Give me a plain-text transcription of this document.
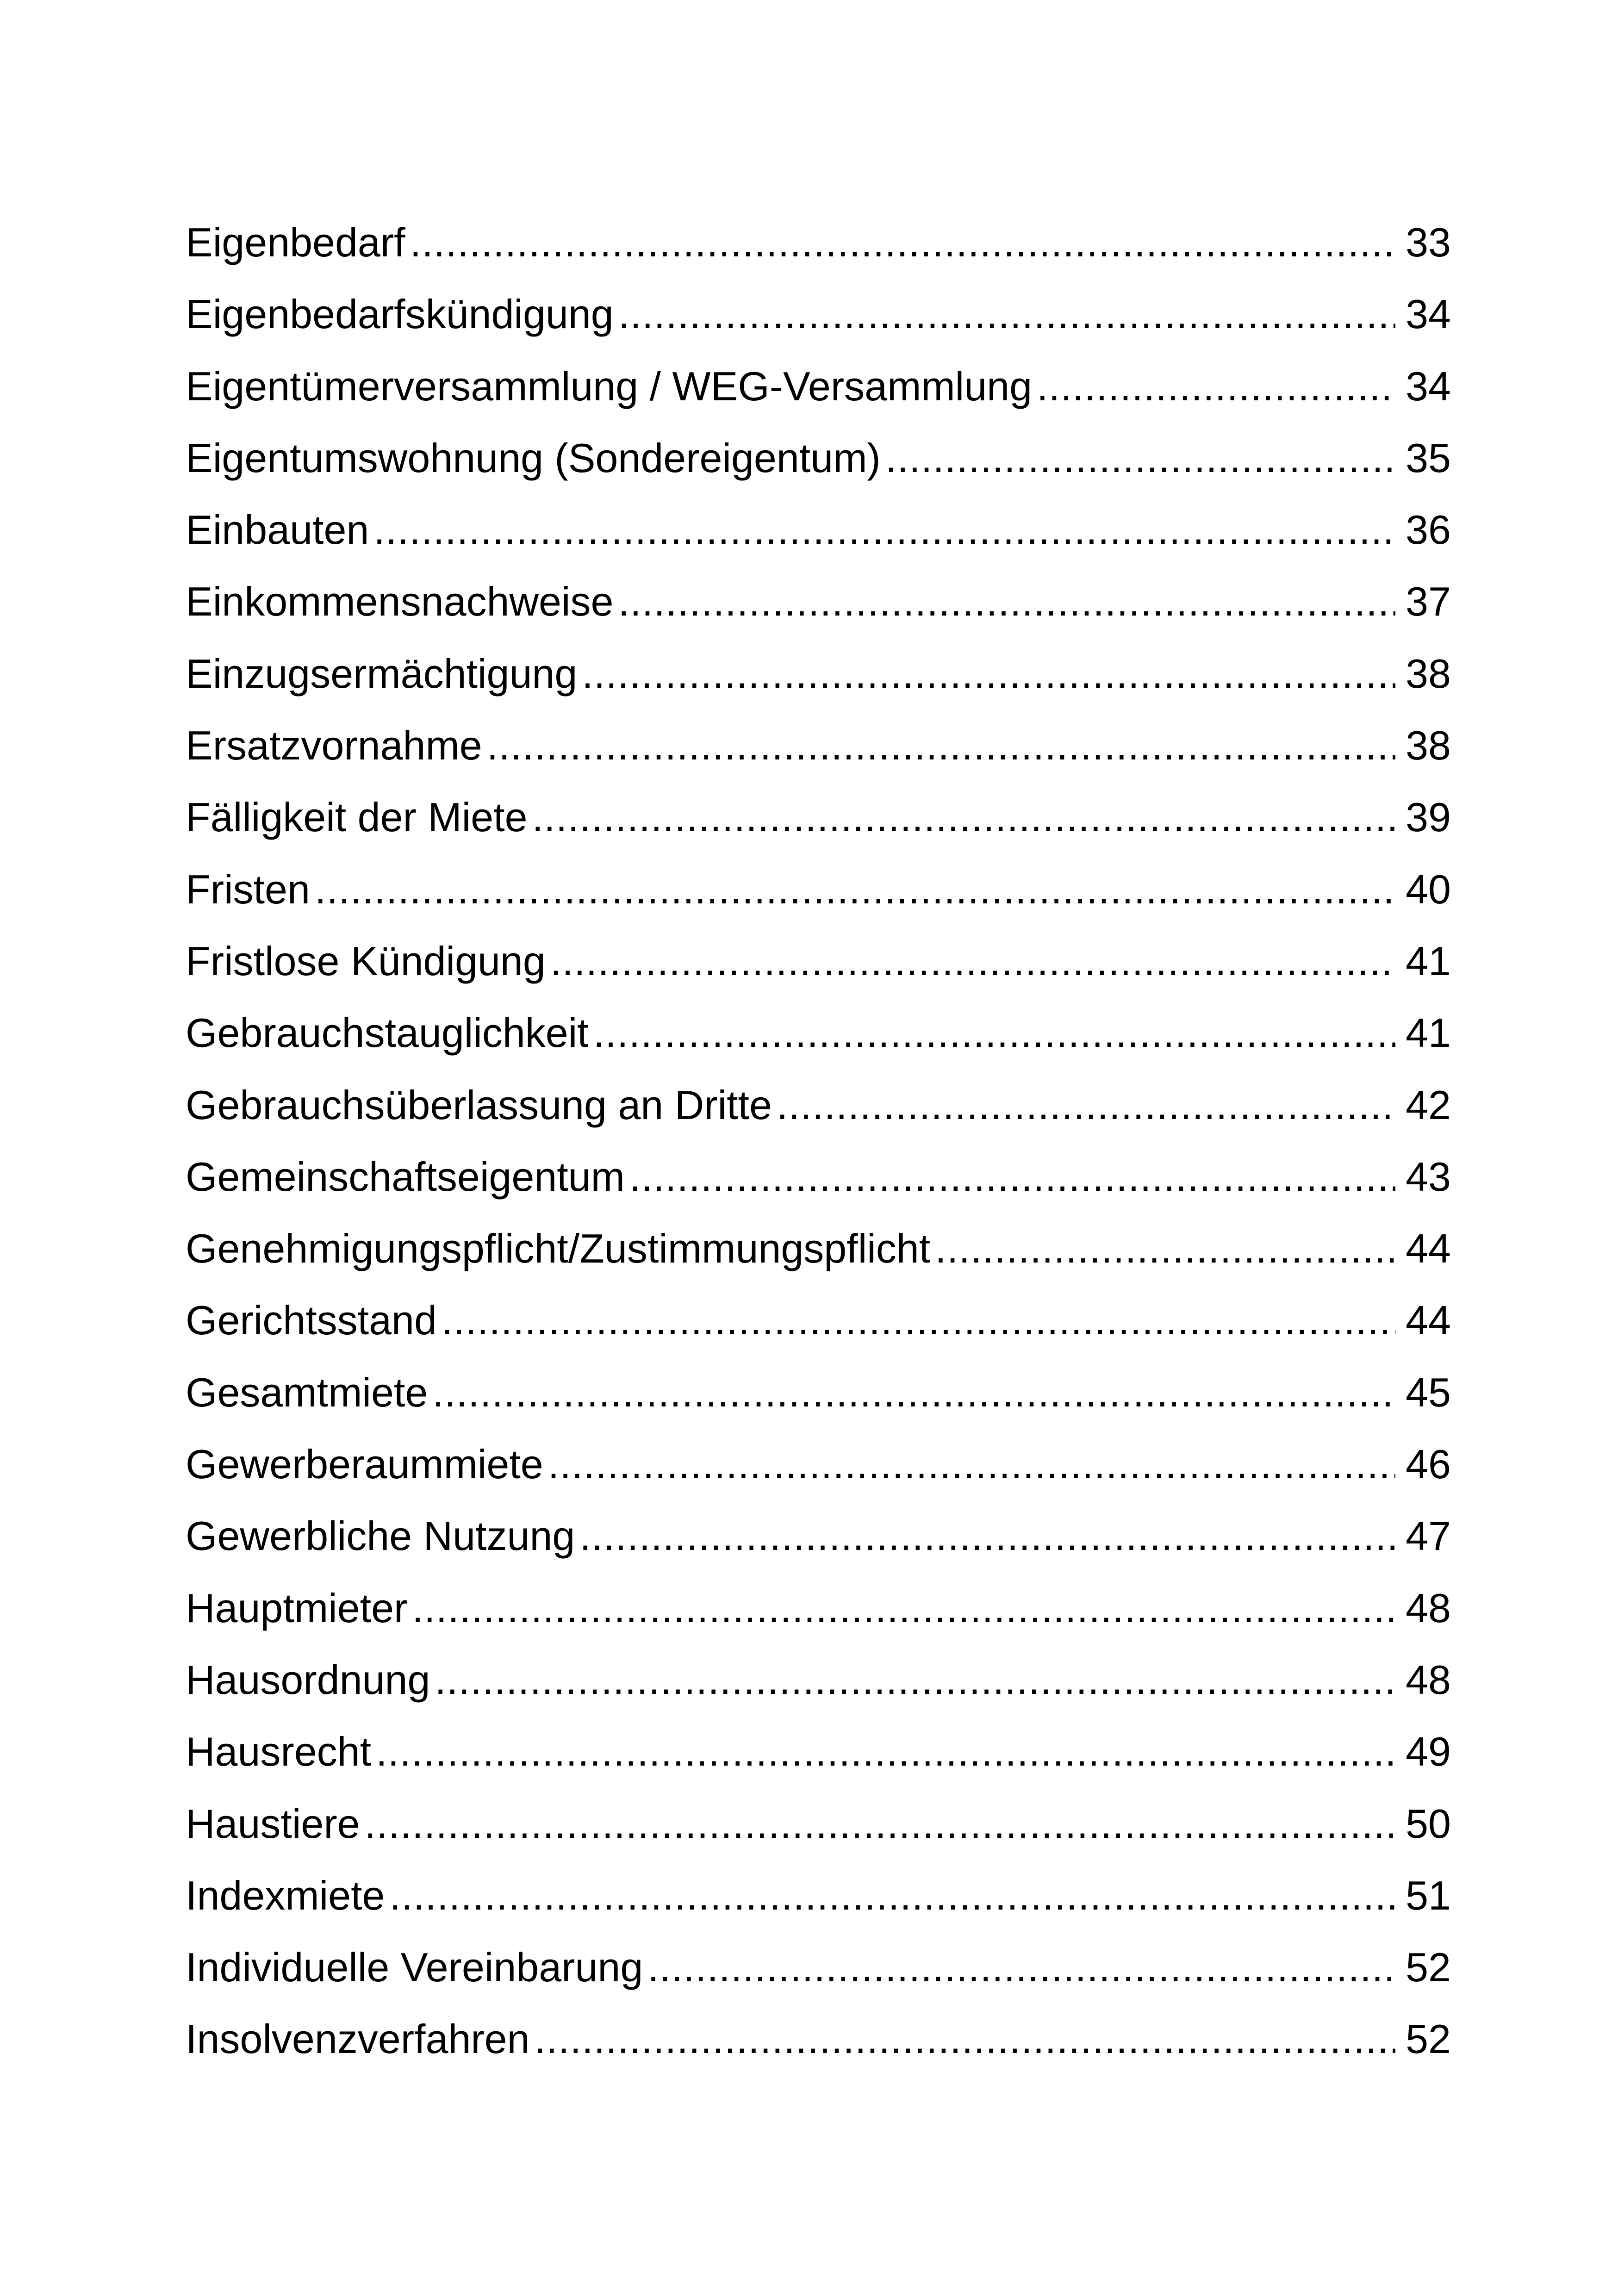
Eigenbedarf .....	33
Eigenbedarfskündigung .....	34
Eigentümerversammlung / WEG-Versammlung .....	34
Eigentumswohnung (Sondereigentum) .....	35
Einbauten .....	36
Einkommensnachweise .....	37
Einzugsermächtigung .....	38
Ersatzvornahme .....	38
Fälligkeit der Miete .....	39
Fristen .....	40
Fristlose Kündigung .....	41
Gebrauchstauglichkeit .....	41
Gebrauchsüberlassung an Dritte .....	42
Gemeinschaftseigentum .....	43
Genehmigungspflicht/Zustimmungspflicht .....	44
Gerichtsstand .....	44
Gesamtmiete .....	45
Gewerberaummiete .....	46
Gewerbliche Nutzung .....	47
Hauptmieter .....	48
Hausordnung .....	48
Hausrecht .....	49
Haustiere .....	50
Indexmiete .....	51
Individuelle Vereinbarung .....	52
Insolvenzverfahren .....	52
